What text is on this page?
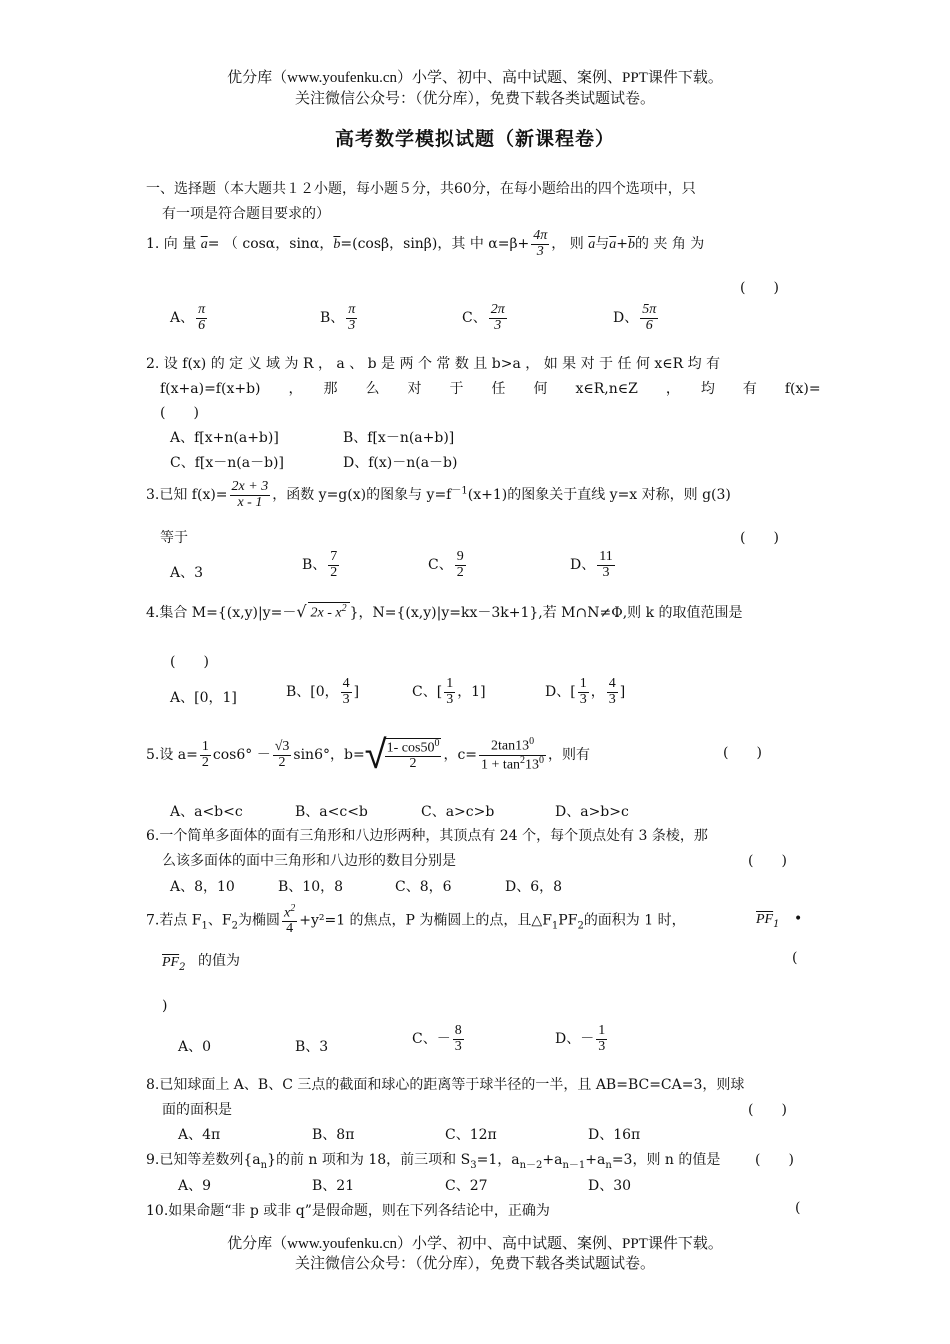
优分库（www.youfenku.cn）小学、初中、高中试题、案例、PPT课件下载。
关注微信公众号：（优分库），免费下载各类试题试卷。
高考数学模拟试题（新课程卷）
一、选择题（本大题共１２小题，每小题５分，共60分，在每小题给出的四个选项中，只
有一项是符合题目要求的）
1. 向 量 $\overline{a}=$ （ cosα，sinα，$\overline{b}=(\cos\beta$，sinβ)，其 中 $\alpha=\beta+ \frac{4\pi}{3}$ ， 则 $\overline{a}$与$\overline{a}+\overline{b}$的 夹 角 为
(　　)
A、 $\frac{\pi}{6}$	B、 $\frac{\pi}{3}$	C、 $\frac{2\pi}{3}$	D、 $\frac{5\pi}{6}$
2. 设 f(x) 的 定 义 域 为 R ， a 、 b 是 两 个 常 数 且 b>a ， 如 果 对 于 任 何 x∈R 均 有
f(x+a)=f(x+b)　　，　　那　　么　　对　　于　　任　　何　　x∈R,n∈Z　　，　　均　　有　　f(x)=
(　　)
A、f[x+n(a+b)]	B、f[x－n(a+b)]
C、f[x－n(a－b)]	D、f(x)－n(a－b)
3.已知 $f(x)= \frac{2x + 3}{x - 1}$ ，函数 y=g(x)的图象与 $y=f^{-1}(x+1)$的图象关于直线 y=x 对称，则 g(3)
等于	(　　)
A、3	B、 $\frac{7}{2}$	C、 $\frac{9}{2}$	D、 $\frac{11}{3}$
4.集合 M={(x,y)|y=－√ $2x - x^2$ }，N={(x,y)|y=kx－3k+1},若 M∩N≠Φ,则 k 的取值范围是
(　　)
A、[0，1]	B、[0， $\frac{4}{3}$ ]	C、[ $\frac{1}{3}$ ，1]	D、[ $\frac{1}{3}$ ， $\frac{4}{3}$ ]
5.设 $a= \frac{1}{2} \cos 6^\circ - \frac{√3}{2} \sin 6^\circ$，b=√
$\frac{1- \cos 50^0}{2}$ ，$c= \frac{2\tan 13^0}{1 + \tan^213^0}$ ，则有	(　　)
A、a<b<c	B、a<c<b	C、a>c>b	D、a>b>c
6.一个简单多面体的面有三角形和八边形两种，其顶点有 24 个，每个顶点处有 3 条棱，那
么该多面体的面中三角形和八边形的数目分别是	(　　)
A、8，10	B、10，8	C、8，6	D、6，8
7.若点 $F_1$、$F_2$为椭圆 $\frac{x^2}{4} +y^2=1$ 的焦点，P 为椭圆上的点，且$\triangle F_1PF_2$的面积为 1 时，	$\overline{PF}_1$ •
$\overline{PF}_2$ 的值为	(
)
A、0	B、3	C、－ $\frac{8}{3}$	D、－ $\frac{1}{3}$
8.已知球面上 A、B、C 三点的截面和球心的距离等于球半径的一半，且 AB=BC=CA=3，则球
面的面积是	(　　)
A、4π	B、8π	C、12π	D、16π
9.已知等差数列$\{a_n\}$的前 n 项和为 18，前三项和 $S_3=1$，$a_{n-2}+a_{n-1}+a_n=3$，则 n 的值是 (　　)
A、9	B、21	C、27	D、30
10.如果命题“非 p 或非 q”是假命题，则在下列各结论中，正确为	(
优分库（www.youfenku.cn）小学、初中、高中试题、案例、PPT课件下载。
关注微信公众号：（优分库），免费下载各类试题试卷。
